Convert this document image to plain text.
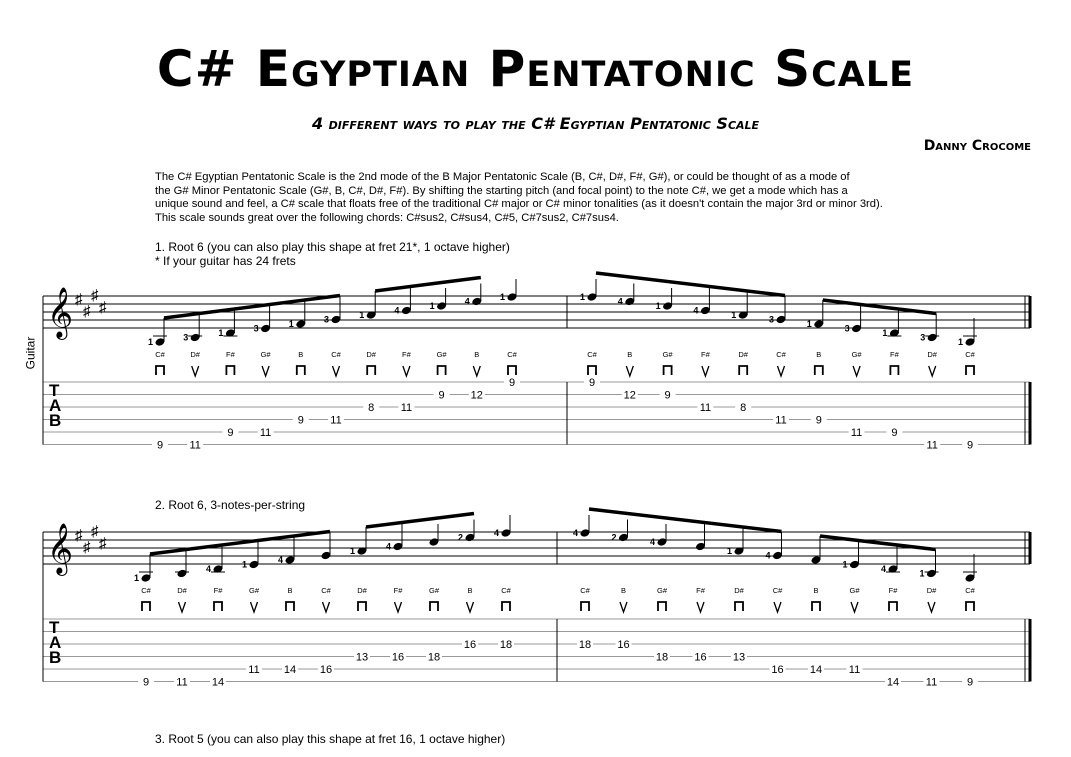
C# Egyptian Pentatonic Scale
4 different ways to play the C# Egyptian Pentatonic Scale
Danny Crocome

The C# Egyptian Pentatonic Scale is the 2nd mode of the B Major Pentatonic Scale (B, C#, D#, F#, G#), or could be thought of as a mode of

the G# Minor Pentatonic Scale (G#, B, C#, D#, F#). By shifting the starting pitch (and focal point) to the note C#, we get a mode which has a

unique sound and feel, a C# scale that floats free of the traditional C# major or C# minor tonalities (as it doesn't contain the major 3rd or minor 3rd).

This scale sounds great over the following chords: C#sus2, C#sus4, C#5, C#7sus2, C#7sus4.

1. Root 6 (you can also play this shape at fret 21*, 1 octave higher)
* If your guitar has 24 frets
2. Root 6, 3-notes-per-string
3. Root 5 (you can also play this shape at fret 16, 1 octave higher)
Guitar
𝄞 ♯
♯
♯
♯
T
A
B
1
C#
9
3
D#
11
1
F#
9
3
G#
11
1
B
9
3
C#
11
1
D#
8
4
F#
11
1
G#
9
4
B
12
1
C#
9
1
C#
9
4
B
12
1
G#
9
4
F#
11
1
D#
8
3
C#
11
1
B
9
3
G#
11
1
F#
9
3
D#
11
1
C#
9
𝄞 ♯
♯
♯
♯
T
A
B
1
C#
9
D#
11
4
F#
14
1
G#
11
4
B
14
C#
16
1
D#
13
4
F#
16
G#
18
2
B
16
4
C#
18
4
C#
18
2
B
16
4
G#
18
F#
16
1
D#
13
4
C#
16
B
14
1
G#
11
4
F#
14
1
D#
11
C#
9
